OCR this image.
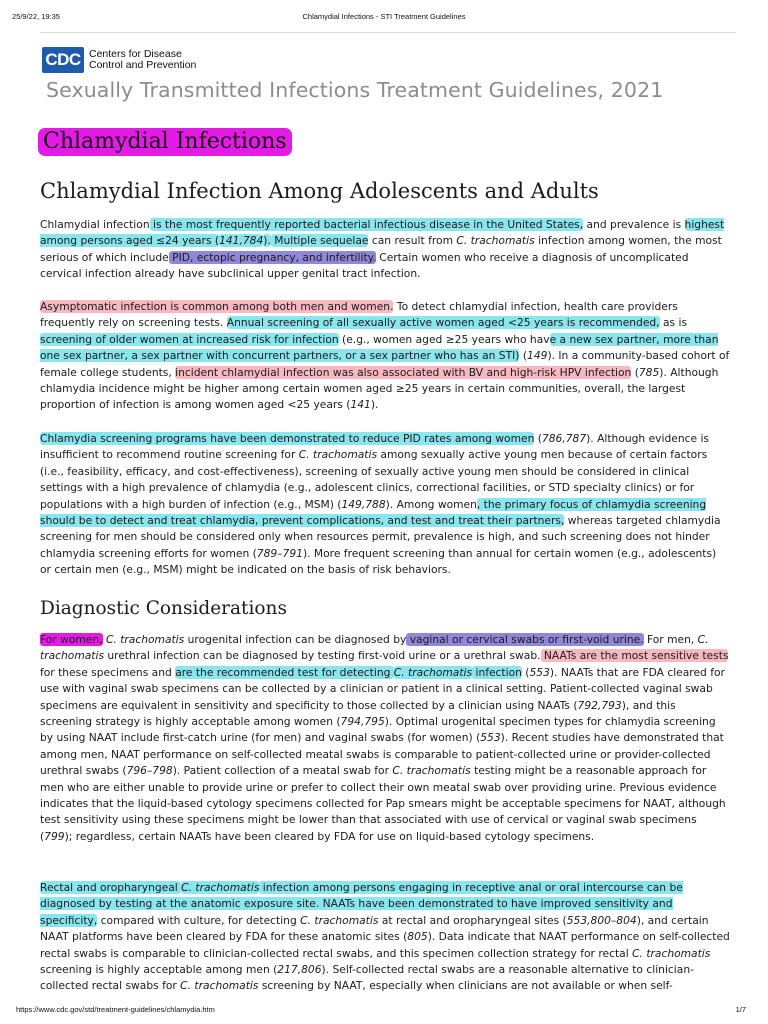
25/9/22, 19:35	Chlamydial Infections - STI Treatment Guidelines
CDC Centers for Disease
Control and Prevention
Sexually Transmitted Infections Treatment Guidelines, 2021
Chlamydial Infections
Chlamydial Infection Among Adolescents and Adults

Chlamydial infection is the most frequently reported bacterial infectious disease in the United States, and prevalence is highest among persons aged ≤24 years (141,784). Multiple sequelae can result from C. trachomatis infection among women, the most serious of which include PID, ectopic pregnancy, and infertility. Certain women who receive a diagnosis of uncomplicated cervical infection already have subclinical upper genital tract infection.

Asymptomatic infection is common among both men and women. To detect chlamydial infection, health care providers frequently rely on screening tests. Annual screening of all sexually active women aged <25 years is recommended, as is screening of older women at increased risk for infection (e.g., women aged ≥25 years who have a new sex partner, more than one sex partner, a sex partner with concurrent partners, or a sex partner who has an STI) (149). In a community-based cohort of female college students, incident chlamydial infection was also associated with BV and high-risk HPV infection (785). Although chlamydia incidence might be higher among certain women aged ≥25 years in certain communities, overall, the largest proportion of infection is among women aged <25 years (141).

Chlamydia screening programs have been demonstrated to reduce PID rates among women (786,787). Although evidence is insufficient to recommend routine screening for C. trachomatis among sexually active young men because of certain factors (i.e., feasibility, efficacy, and cost-effectiveness), screening of sexually active young men should be considered in clinical settings with a high prevalence of chlamydia (e.g., adolescent clinics, correctional facilities, or STD specialty clinics) or for populations with a high burden of infection (e.g., MSM) (149,788). Among women, the primary focus of chlamydia screening should be to detect and treat chlamydia, prevent complications, and test and treat their partners, whereas targeted chlamydia screening for men should be considered only when resources permit, prevalence is high, and such screening does not hinder chlamydia screening efforts for women (789–791). More frequent screening than annual for certain women (e.g., adolescents) or certain men (e.g., MSM) might be indicated on the basis of risk behaviors.

Diagnostic Considerations

For women, C. trachomatis urogenital infection can be diagnosed by vaginal or cervical swabs or first-void urine. For men, C. trachomatis urethral infection can be diagnosed by testing first-void urine or a urethral swab. NAATs are the most sensitive tests for these specimens and are the recommended test for detecting C. trachomatis infection (553). NAATs that are FDA cleared for use with vaginal swab specimens can be collected by a clinician or patient in a clinical setting. Patient-collected vaginal swab specimens are equivalent in sensitivity and specificity to those collected by a clinician using NAATs (792,793), and this screening strategy is highly acceptable among women (794,795). Optimal urogenital specimen types for chlamydia screening by using NAAT include first-catch urine (for men) and vaginal swabs (for women) (553). Recent studies have demonstrated that among men, NAAT performance on self-collected meatal swabs is comparable to patient-collected urine or provider-collected urethral swabs (796–798). Patient collection of a meatal swab for C. trachomatis testing might be a reasonable approach for men who are either unable to provide urine or prefer to collect their own meatal swab over providing urine. Previous evidence indicates that the liquid-based cytology specimens collected for Pap smears might be acceptable specimens for NAAT, although test sensitivity using these specimens might be lower than that associated with use of cervical or vaginal swab specimens (799); regardless, certain NAATs have been cleared by FDA for use on liquid-based cytology specimens.

Rectal and oropharyngeal C. trachomatis infection among persons engaging in receptive anal or oral intercourse can be diagnosed by testing at the anatomic exposure site. NAATs have been demonstrated to have improved sensitivity and specificity, compared with culture, for detecting C. trachomatis at rectal and oropharyngeal sites (553,800–804), and certain NAAT platforms have been cleared by FDA for these anatomic sites (805). Data indicate that NAAT performance on self-collected rectal swabs is comparable to clinician-collected rectal swabs, and this specimen collection strategy for rectal C. trachomatis screening is highly acceptable among men (217,806). Self-collected rectal swabs are a reasonable alternative to clinician-collected rectal swabs for C. trachomatis screening by NAAT, especially when clinicians are not available or when self-

https://www.cdc.gov/std/treatment-guidelines/chlamydia.htm	1/7
